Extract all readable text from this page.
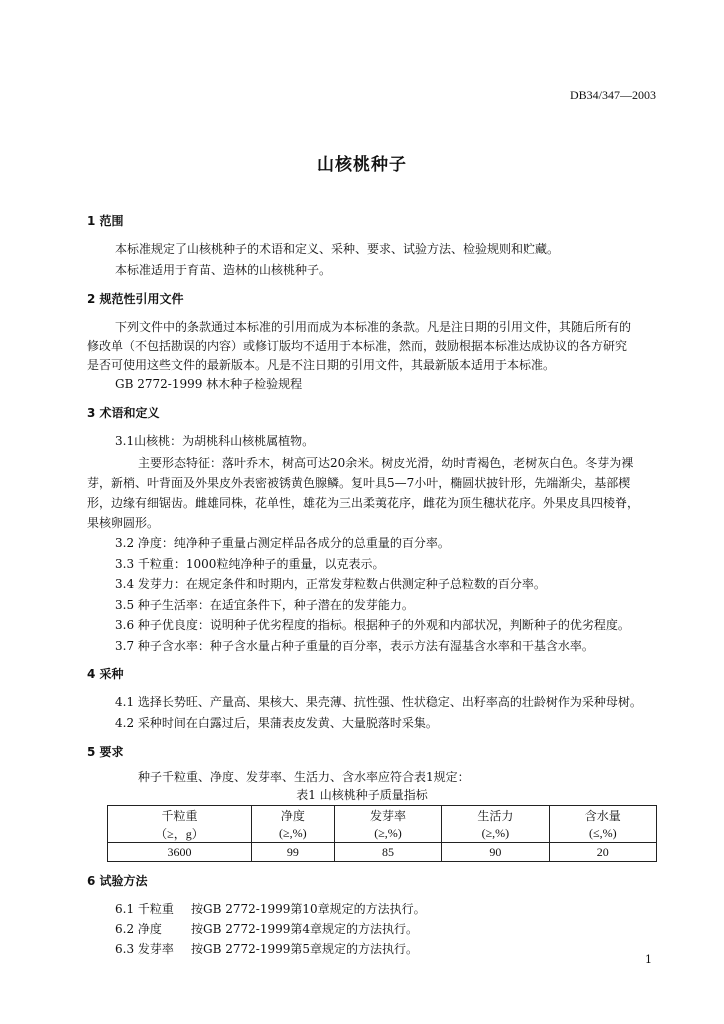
DB34/347—2003
山核桃种子
1 范围
本标准规定了山核桃种子的术语和定义、采种、要求、试验方法、检验规则和贮藏。
本标准适用于育苗、造林的山核桃种子。
2 规范性引用文件
下列文件中的条款通过本标准的引用而成为本标准的条款。凡是注日期的引用文件，其随后所有的
修改单（不包括勘误的内容）或修订版均不适用于本标准，然而，鼓励根据本标准达成协议的各方研究
是否可使用这些文件的最新版本。凡是不注日期的引用文件，其最新版本适用于本标准。
GB 2772-1999 林木种子检验规程
3 术语和定义
3.1山核桃：为胡桃科山核桃属植物。
主要形态特征：落叶乔木，树高可达20余米。树皮光滑，幼时青褐色，老树灰白色。冬芽为裸
芽，新梢、叶背面及外果皮外表密被锈黄色腺鳞。复叶具5—7小叶，椭圆状披针形，先端渐尖，基部楔
形，边缘有细锯齿。雌雄同株，花单性，雄花为三出柔荑花序，雌花为顶生穗状花序。外果皮具四棱脊，
果核卵圆形。
3.2 净度：纯净种子重量占测定样品各成分的总重量的百分率。
3.3 千粒重：1000粒纯净种子的重量，以克表示。
3.4 发芽力：在规定条件和时期内，正常发芽粒数占供测定种子总粒数的百分率。
3.5 种子生活率：在适宜条件下，种子潜在的发芽能力。
3.6 种子优良度：说明种子优劣程度的指标。根据种子的外观和内部状况，判断种子的优劣程度。
3.7 种子含水率：种子含水量占种子重量的百分率，表示方法有湿基含水率和干基含水率。
4 采种
4.1 选择长势旺、产量高、果核大、果壳薄、抗性强、性状稳定、出籽率高的壮龄树作为采种母树。
4.2 采种时间在白露过后，果蒲表皮发黄、大量脱落时采集。
5 要求
种子千粒重、净度、发芽率、生活力、含水率应符合表1规定：
表1 山核桃种子质量指标
千粒重	净度	发芽率	生活力	含水量
（≥，g）	(≥,%)	(≥,%)	(≥,%)	(≤,%)
3600	99	85	90	20
6 试验方法
6.1 千粒重 按GB 2772-1999第10章规定的方法执行。
6.2 净度 按GB 2772-1999第4章规定的方法执行。
6.3 发芽率 按GB 2772-1999第5章规定的方法执行。
1
